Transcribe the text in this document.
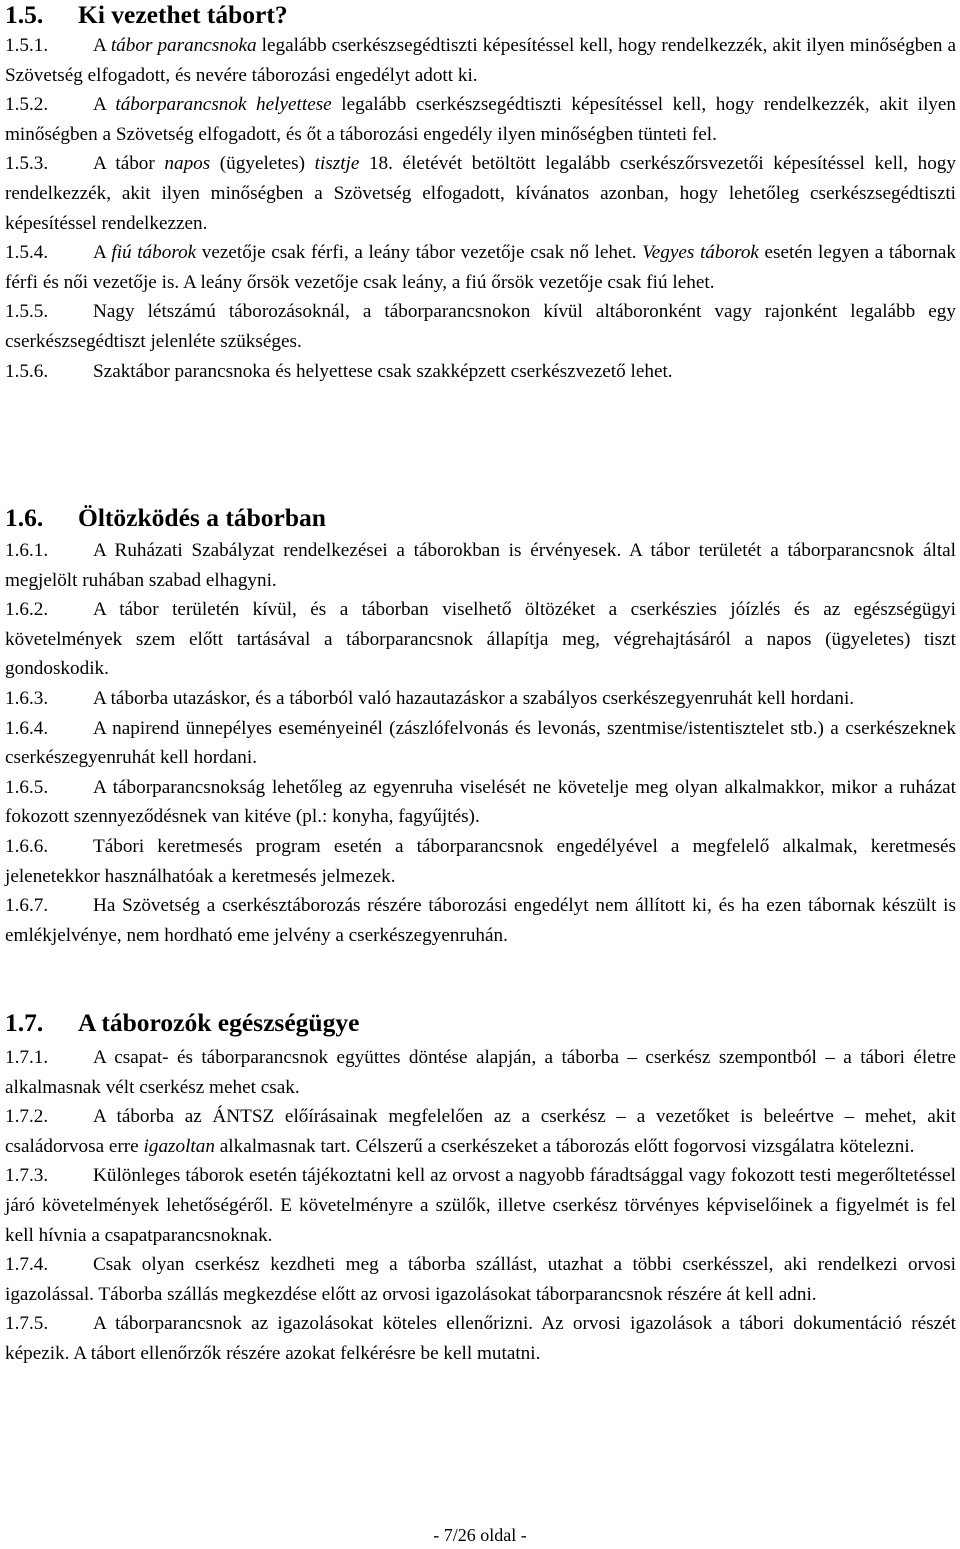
1.5.	Ki vezethet tábort?

1.5.1. A tábor parancsnoka legalább cserkészsegédtiszti képesítéssel kell, hogy rendelkezzék, akit ilyen minőségben a Szövetség elfogadott, és nevére táborozási engedélyt adott ki.

1.5.2. A táborparancsnok helyettese legalább cserkészsegédtiszti képesítéssel kell, hogy rendelkezzék, akit ilyen minőségben a Szövetség elfogadott, és őt a táborozási engedély ilyen minőségben tünteti fel.

1.5.3. A tábor napos (ügyeletes) tisztje 18. életévét betöltött legalább cserkészőrsvezetői képesítéssel kell, hogy rendelkezzék, akit ilyen minőségben a Szövetség elfogadott, kívánatos azonban, hogy lehetőleg cserkészsegédtiszti képesítéssel rendelkezzen.

1.5.4. A fiú táborok vezetője csak férfi, a leány tábor vezetője csak nő lehet. Vegyes táborok esetén legyen a tábornak férfi és női vezetője is. A leány őrsök vezetője csak leány, a fiú őrsök vezetője csak fiú lehet.

1.5.5. Nagy létszámú táborozásoknál, a táborparancsnokon kívül altáboronként vagy rajonként legalább egy cserkészsegédtiszt jelenléte szükséges.

1.5.6. Szaktábor parancsnoka és helyettese csak szakképzett cserkészvezető lehet.

1.6.	Öltözködés a táborban

1.6.1. A Ruházati Szabályzat rendelkezései a táborokban is érvényesek. A tábor területét a táborparancsnok által megjelölt ruhában szabad elhagyni.

1.6.2. A tábor területén kívül, és a táborban viselhető öltözéket a cserkészies jóízlés és az egészségügyi követelmények szem előtt tartásával a táborparancsnok állapítja meg, végrehajtásáról a napos (ügyeletes) tiszt gondoskodik.

1.6.3. A táborba utazáskor, és a táborból való hazautazáskor a szabályos cserkészegyenruhát kell hordani.

1.6.4. A napirend ünnepélyes eseményeinél (zászlófelvonás és levonás, szentmise/istentisztelet stb.) a cserkészeknek cserkészegyenruhát kell hordani.

1.6.5. A táborparancsnokság lehetőleg az egyenruha viselését ne követelje meg olyan alkalmakkor, mikor a ruházat fokozott szennyeződésnek van kitéve (pl.: konyha, fagyűjtés).

1.6.6. Tábori keretmesés program esetén a táborparancsnok engedélyével a megfelelő alkalmak, keretmesés jelenetekkor használhatóak a keretmesés jelmezek.

1.6.7. Ha Szövetség a cserkésztáborozás részére táborozási engedélyt nem állított ki, és ha ezen tábornak készült is emlékjelvénye, nem hordható eme jelvény a cserkészegyenruhán.

1.7.	A táborozók egészségügye

1.7.1. A csapat- és táborparancsnok együttes döntése alapján, a táborba – cserkész szempontból – a tábori életre alkalmasnak vélt cserkész mehet csak.

1.7.2. A táborba az ÁNTSZ előírásainak megfelelően az a cserkész – a vezetőket is beleértve – mehet, akit családorvosa erre igazoltan alkalmasnak tart. Célszerű a cserkészeket a táborozás előtt fogorvosi vizsgálatra kötelezni.

1.7.3. Különleges táborok esetén tájékoztatni kell az orvost a nagyobb fáradtsággal vagy fokozott testi megerőltetéssel járó követelmények lehetőségéről. E követelményre a szülők, illetve cserkész törvényes képviselőinek a figyelmét is fel kell hívnia a csapatparancsnoknak.

1.7.4. Csak olyan cserkész kezdheti meg a táborba szállást, utazhat a többi cserkésszel, aki rendelkezi orvosi igazolással. Táborba szállás megkezdése előtt az orvosi igazolásokat táborparancsnok részére át kell adni.

1.7.5. A táborparancsnok az igazolásokat köteles ellenőrizni. Az orvosi igazolások a tábori dokumentáció részét képezik. A tábort ellenőrzők részére azokat felkérésre be kell mutatni.

- 7/26 oldal -
